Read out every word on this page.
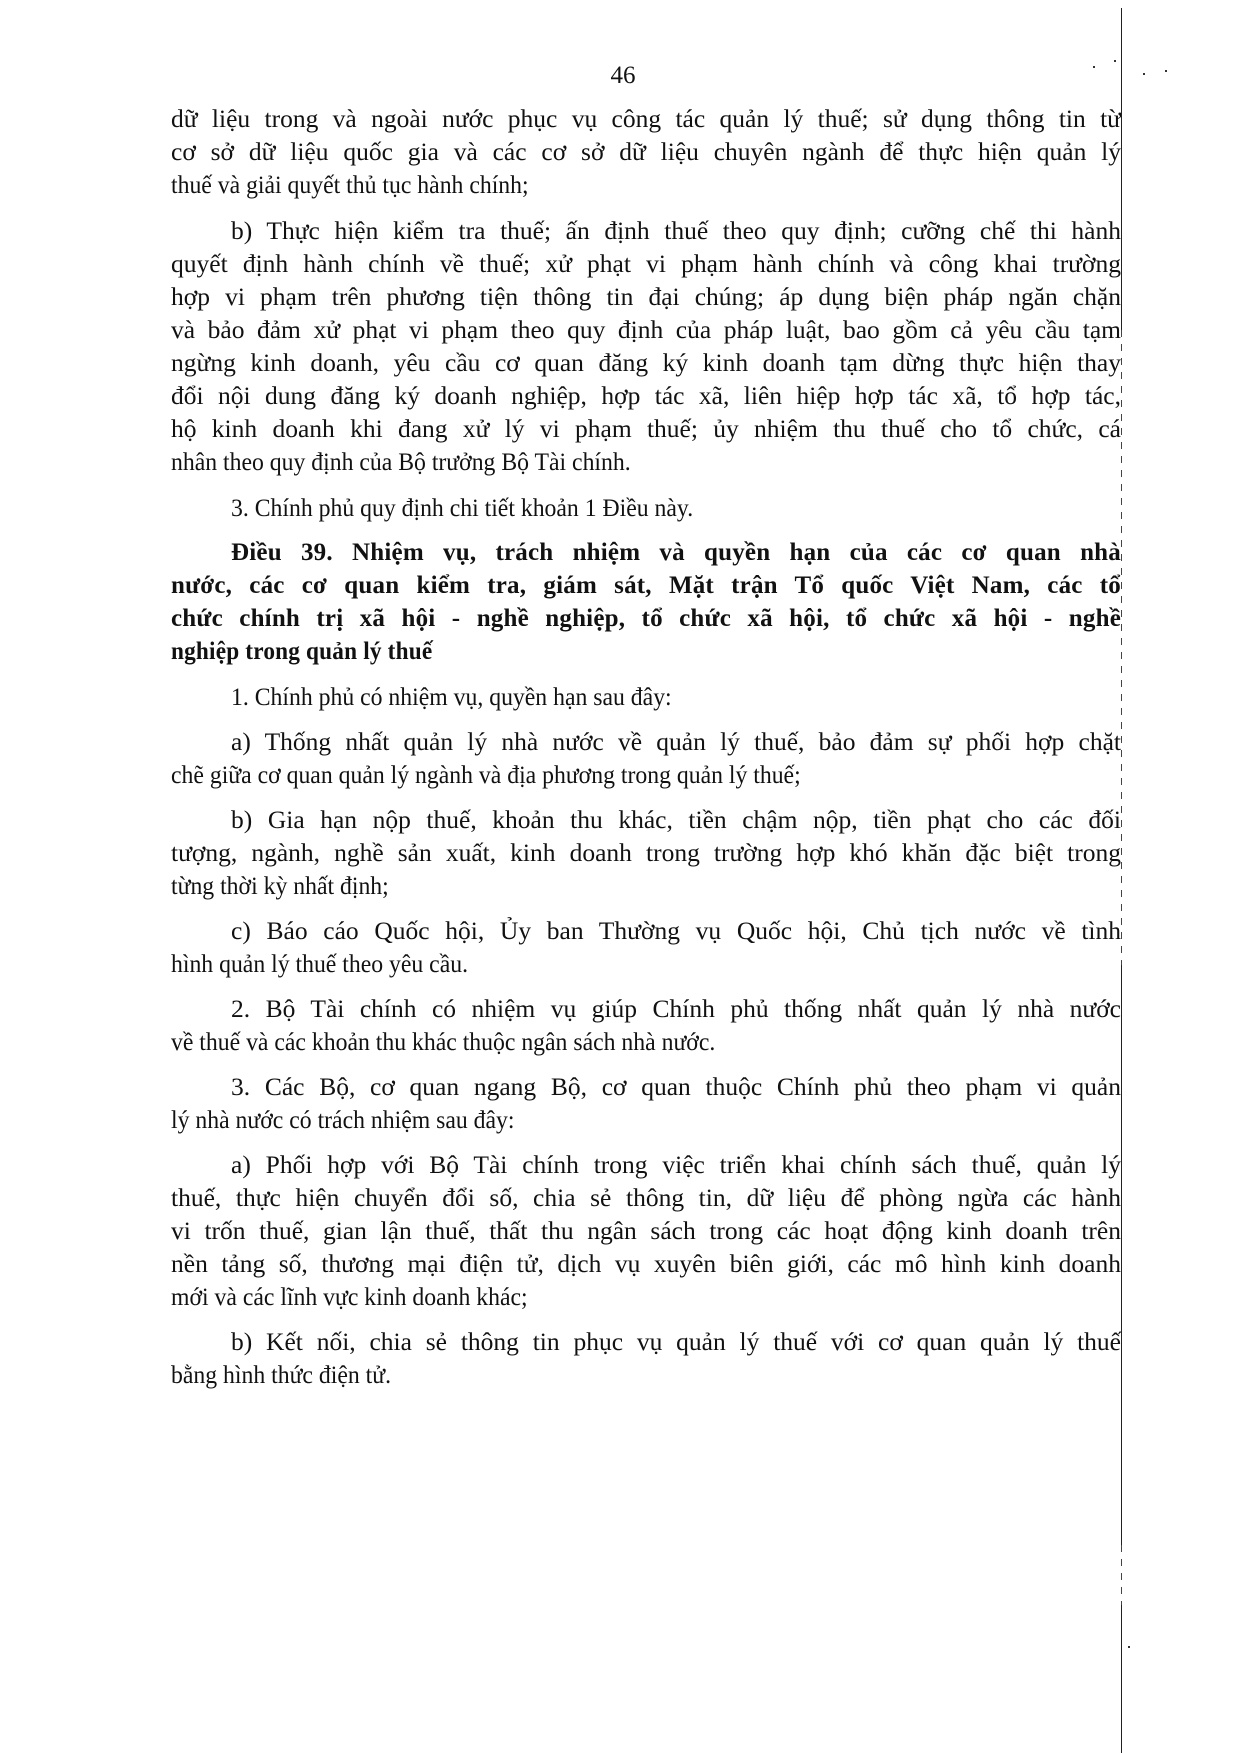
46
dữ liệu trong và ngoài nước phục vụ công tác quản lý thuế; sử dụng thông tin từ
cơ sở dữ liệu quốc gia và các cơ sở dữ liệu chuyên ngành để thực hiện quản lý
thuế và giải quyết thủ tục hành chính;
b) Thực hiện kiểm tra thuế; ấn định thuế theo quy định; cưỡng chế thi hành
quyết định hành chính về thuế; xử phạt vi phạm hành chính và công khai trường
hợp vi phạm trên phương tiện thông tin đại chúng; áp dụng biện pháp ngăn chặn
và bảo đảm xử phạt vi phạm theo quy định của pháp luật, bao gồm cả yêu cầu tạm
ngừng kinh doanh, yêu cầu cơ quan đăng ký kinh doanh tạm dừng thực hiện thay
đổi nội dung đăng ký doanh nghiệp, hợp tác xã, liên hiệp hợp tác xã, tổ hợp tác,
hộ kinh doanh khi đang xử lý vi phạm thuế; ủy nhiệm thu thuế cho tổ chức, cá
nhân theo quy định của Bộ trưởng Bộ Tài chính.
3. Chính phủ quy định chi tiết khoản 1 Điều này.
Điều 39. Nhiệm vụ, trách nhiệm và quyền hạn của các cơ quan nhà
nước, các cơ quan kiểm tra, giám sát, Mặt trận Tổ quốc Việt Nam, các tổ
chức chính trị xã hội - nghề nghiệp, tổ chức xã hội, tổ chức xã hội - nghề
nghiệp trong quản lý thuế
1. Chính phủ có nhiệm vụ, quyền hạn sau đây:
a) Thống nhất quản lý nhà nước về quản lý thuế, bảo đảm sự phối hợp chặt
chẽ giữa cơ quan quản lý ngành và địa phương trong quản lý thuế;
b) Gia hạn nộp thuế, khoản thu khác, tiền chậm nộp, tiền phạt cho các đối
tượng, ngành, nghề sản xuất, kinh doanh trong trường hợp khó khăn đặc biệt trong
từng thời kỳ nhất định;
c) Báo cáo Quốc hội, Ủy ban Thường vụ Quốc hội, Chủ tịch nước về tình
hình quản lý thuế theo yêu cầu.
2. Bộ Tài chính có nhiệm vụ giúp Chính phủ thống nhất quản lý nhà nước
về thuế và các khoản thu khác thuộc ngân sách nhà nước.
3. Các Bộ, cơ quan ngang Bộ, cơ quan thuộc Chính phủ theo phạm vi quản
lý nhà nước có trách nhiệm sau đây:
a) Phối hợp với Bộ Tài chính trong việc triển khai chính sách thuế, quản lý
thuế, thực hiện chuyển đổi số, chia sẻ thông tin, dữ liệu để phòng ngừa các hành
vi trốn thuế, gian lận thuế, thất thu ngân sách trong các hoạt động kinh doanh trên
nền tảng số, thương mại điện tử, dịch vụ xuyên biên giới, các mô hình kinh doanh
mới và các lĩnh vực kinh doanh khác;
b) Kết nối, chia sẻ thông tin phục vụ quản lý thuế với cơ quan quản lý thuế
bằng hình thức điện tử.
